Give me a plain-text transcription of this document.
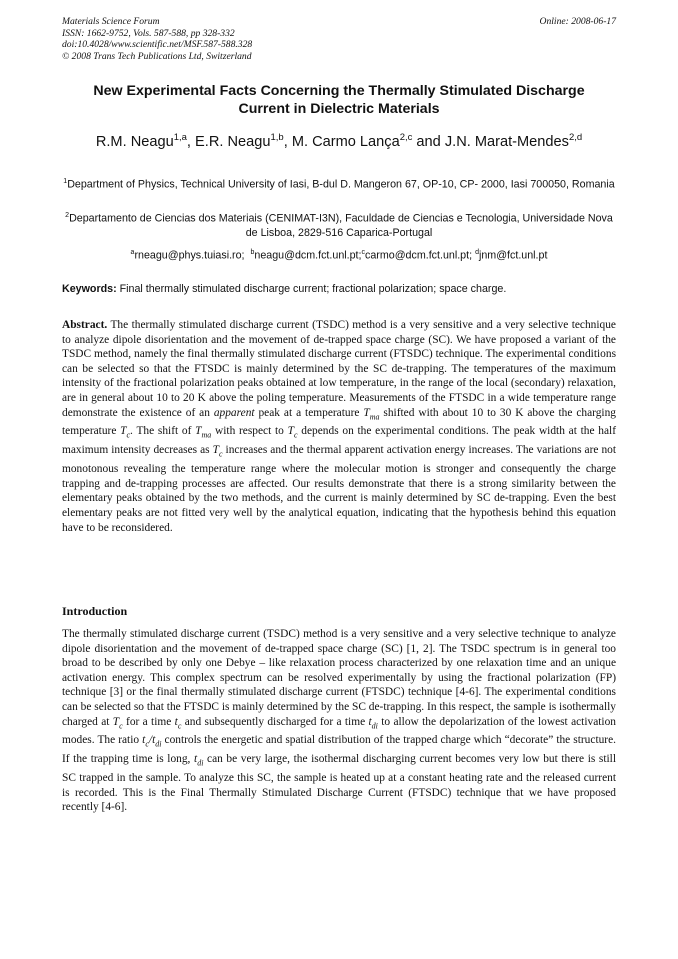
Materials Science Forum
ISSN: 1662-9752, Vols. 587-588, pp 328-332
doi:10.4028/www.scientific.net/MSF.587-588.328
© 2008 Trans Tech Publications Ltd, Switzerland
Online: 2008-06-17
New Experimental Facts Concerning the Thermally Stimulated Discharge Current in Dielectric Materials
R.M. Neagu$^{1,a}$, E.R. Neagu$^{1,b}$, M. Carmo Lança$^{2,c}$ and J.N. Marat-Mendes$^{2,d}$
$^1$Department of Physics, Technical University of Iasi, B-dul D. Mangeron 67, OP-10, CP- 2000, Iasi 700050, Romania
$^2$Departamento de Ciencias dos Materiais (CENIMAT-I3N), Faculdade de Ciencias e Tecnologia, Universidade Nova de Lisboa, 2829-516 Caparica-Portugal
$^a$rneagu@phys.tuiasi.ro; $^b$neagu@dcm.fct.unl.pt;$^c$carmo@dcm.fct.unl.pt; $^d$jnm@fct.unl.pt
Keywords: Final thermally stimulated discharge current; fractional polarization; space charge.
Abstract. The thermally stimulated discharge current (TSDC) method is a very sensitive and a very selective technique to analyze dipole disorientation and the movement of de-trapped space charge (SC). We have proposed a variant of the TSDC method, namely the final thermally stimulated discharge current (FTSDC) technique. The experimental conditions can be selected so that the FTSDC is mainly determined by the SC de-trapping. The temperatures of the maximum intensity of the fractional polarization peaks obtained at low temperature, in the range of the local (secondary) relaxation, are in general about 10 to 20 K above the poling temperature. Measurements of the FTSDC in a wide temperature range demonstrate the existence of an apparent peak at a temperature $T_{ma}$ shifted with about 10 to 30 K above the charging temperature $T_c$. The shift of $T_{ma}$ with respect to $T_c$ depends on the experimental conditions. The peak width at the half maximum intensity decreases as $T_c$ increases and the thermal apparent activation energy increases. The variations are not monotonous revealing the temperature range where the molecular motion is stronger and consequently the charge trapping and de-trapping processes are affected. Our results demonstrate that there is a strong similarity between the elementary peaks obtained by the two methods, and the current is mainly determined by SC de-trapping. Even the best elementary peaks are not fitted very well by the analytical equation, indicating that the hypothesis behind this equation have to be reconsidered.
Introduction
The thermally stimulated discharge current (TSDC) method is a very sensitive and a very selective technique to analyze dipole disorientation and the movement of de-trapped space charge (SC) [1, 2]. The TSDC spectrum is in general too broad to be described by only one Debye – like relaxation process characterized by one relaxation time and an unique activation energy. This complex spectrum can be resolved experimentally by using the fractional polarization (FP) technique [3] or the final thermally stimulated discharge current (FTSDC) technique [4-6]. The experimental conditions can be selected so that the FTSDC is mainly determined by the SC de-trapping. In this respect, the sample is isothermally charged at $T_c$ for a time $t_c$ and subsequently discharged for a time $t_{di}$ to allow the depolarization of the lowest activation modes. The ratio $t_c/t_{di}$ controls the energetic and spatial distribution of the trapped charge which “decorate” the structure. If the trapping time is long, $t_{di}$ can be very large, the isothermal discharging current becomes very low but there is still SC trapped in the sample. To analyze this SC, the sample is heated up at a constant heating rate and the released current is recorded. This is the Final Thermally Stimulated Discharge Current (FTSDC) technique that we have proposed recently [4-6].
